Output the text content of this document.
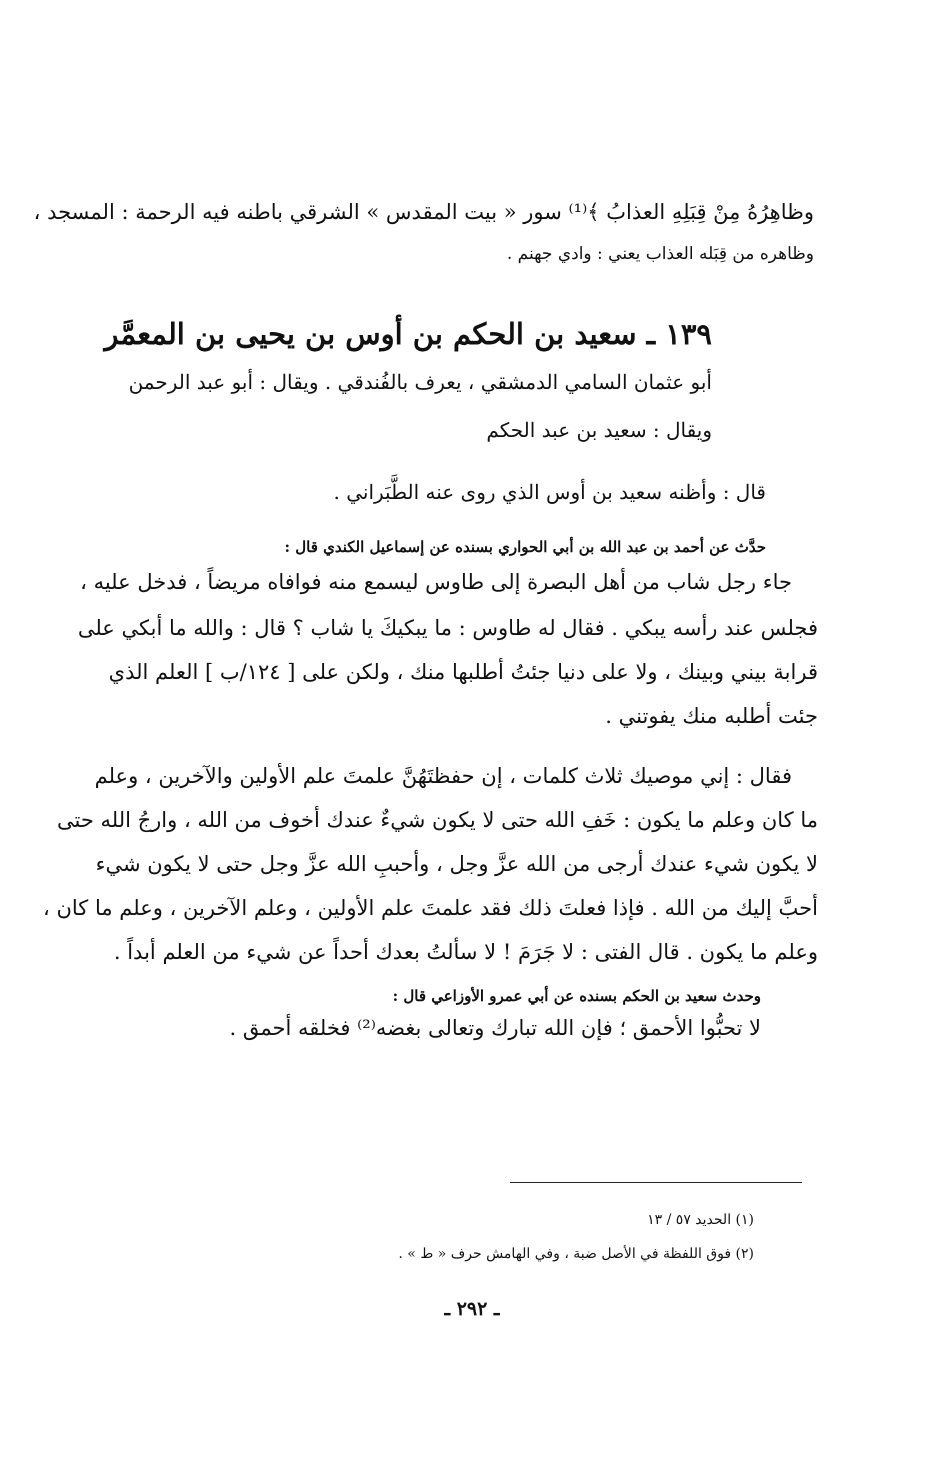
وظاهِرُهُ مِنْ قِبَلِهِ العذابُ ﴾⁽¹⁾ سور « بيت المقدس » الشرقي باطنه فيه الرحمة : المسجد ،
وظاهره من قِبَله العذاب يعني : وادي جهنم .
١٣٩ ـ سعيد بن الحكم بن أوس بن يحيى بن المعمَّر
أبو عثمان السامي الدمشقي ، يعرف بالفُندقي . ويقال : أبو عبد الرحمن
ويقال : سعيد بن عبد الحكم
قال : وأظنه سعيد بن أوس الذي روى عنه الطَّبَراني .
حدَّث عن أحمد بن عبد الله بن أبي الحواري بسنده عن إسماعيل الكندي قال :
جاء رجل شاب من أهل البصرة إلى طاوس ليسمع منه فوافاه مريضاً ، فدخل عليه ،
فجلس عند رأسه يبكي . فقال له طاوس : ما يبكيكَ يا شاب ؟ قال : والله ما أبكي على
قرابة بيني وبينك ، ولا على دنيا جئتُ أطلبها منك ، ولكن على [ ١٢٤/ب ] العلم الذي
جئت أطلبه منك يفوتني .
فقال : إني موصيك ثلاث كلمات ، إن حفظتَهُنَّ علمتَ علم الأولين والآخرين ، وعلم
ما كان وعلم ما يكون : خَفِ الله حتى لا يكون شيءٌ عندك أخوف من الله ، وارجُ الله حتى
لا يكون شيء عندك أرجى من الله عزَّ وجل ، وأحببِ الله عزَّ وجل حتى لا يكون شيء
أحبَّ إليك من الله . فإذا فعلتَ ذلك فقد علمتَ علم الأولين ، وعلم الآخرين ، وعلم ما كان ،
وعلم ما يكون . قال الفتى : لا جَرَمَ ! لا سألتُ بعدك أحداً عن شيء من العلم أبداً .
وحدث سعيد بن الحكم بسنده عن أبي عمرو الأوزاعي قال :
لا تحبُّوا الأحمق ؛ فإن الله تبارك وتعالى بغضه⁽²⁾ فخلقه أحمق .
(١) الحديد ٥٧ / ١٣
(٢) فوق اللفظة في الأصل ضبة ، وفي الهامش حرف « ط » .
ـ ٢٩٢ ـ
